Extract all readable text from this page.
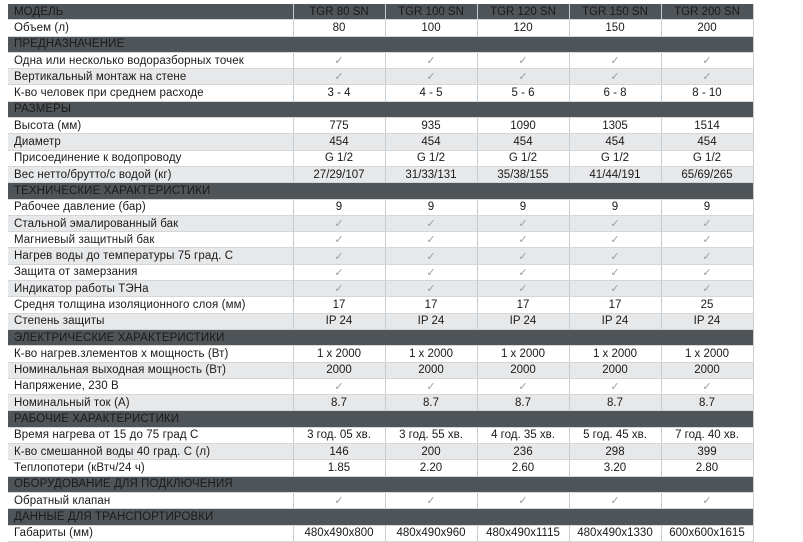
МОДЕЛЬ	TGR 80 SN	TGR 100 SN	TGR 120 SN	TGR 150 SN	TGR 200 SN
Объем (л)	80	100	120	150	200
ПРЕДНАЗНАЧЕНИЕ					
Одна или несколько водоразборных точек	✓	✓	✓	✓	✓
Вертикальный монтаж на стене	✓	✓	✓	✓	✓
К-во человек при среднем расходе	3 - 4	4 - 5	5 - 6	6 - 8	8 - 10
РАЗМЕРЫ					
Высота (мм)	775	935	1090	1305	1514
Диаметр	454	454	454	454	454
Присоединение к водопроводу	G 1/2	G 1/2	G 1/2	G 1/2	G 1/2
Вес нетто/брутто/с водой (кг)	27/29/107	31/33/131	35/38/155	41/44/191	65/69/265
ТЕХНИЧЕСКИЕ ХАРАКТЕРИСТИКИ					
Рабочее давление (бар)	9	9	9	9	9
Стальной эмалированный бак	✓	✓	✓	✓	✓
Магниевый защитный бак	✓	✓	✓	✓	✓
Нагрев воды до температуры 75 град. С	✓	✓	✓	✓	✓
Защита от замерзания	✓	✓	✓	✓	✓
Индикатор работы ТЭНа	✓	✓	✓	✓	✓
Средня толщина изоляционного слоя (мм)	17	17	17	17	25
Степень защиты	IP 24	IP 24	IP 24	IP 24	IP 24
ЭЛЕКТРИЧЕСКИЕ ХАРАКТЕРИСТИКИ					
К-во нагрев.злементов х мощность (Вт)	1 x 2000	1 x 2000	1 x 2000	1 x 2000	1 x 2000
Номинальная выходная мощность (Вт)	2000	2000	2000	2000	2000
Напряжение, 230 В	✓	✓	✓	✓	✓
Номинальный ток (А)	8.7	8.7	8.7	8.7	8.7
РАБОЧИЕ ХАРАКТЕРИСТИКИ					
Время нагрева от 15 до 75 град С	3 год. 05 хв.	3 год. 55 хв.	4 год. 35 хв.	5 год. 45 хв.	7 год. 40 хв.
К-во смешанной воды 40 град. С (л)	146	200	236	298	399
Теплопотери (кВтч/24 ч)	1.85	2.20	2.60	3.20	2.80
ОБОРУДОВАНИЕ ДЛЯ ПОДКЛЮЧЕНИЯ					
Обратный клапан	✓	✓	✓	✓	✓
ДАННЫЕ ДЛЯ ТРАНСПОРТИРОВКИ					
Габариты (мм)	480x490x800	480x490x960	480x490x1115	480x490x1330	600x600x1615
